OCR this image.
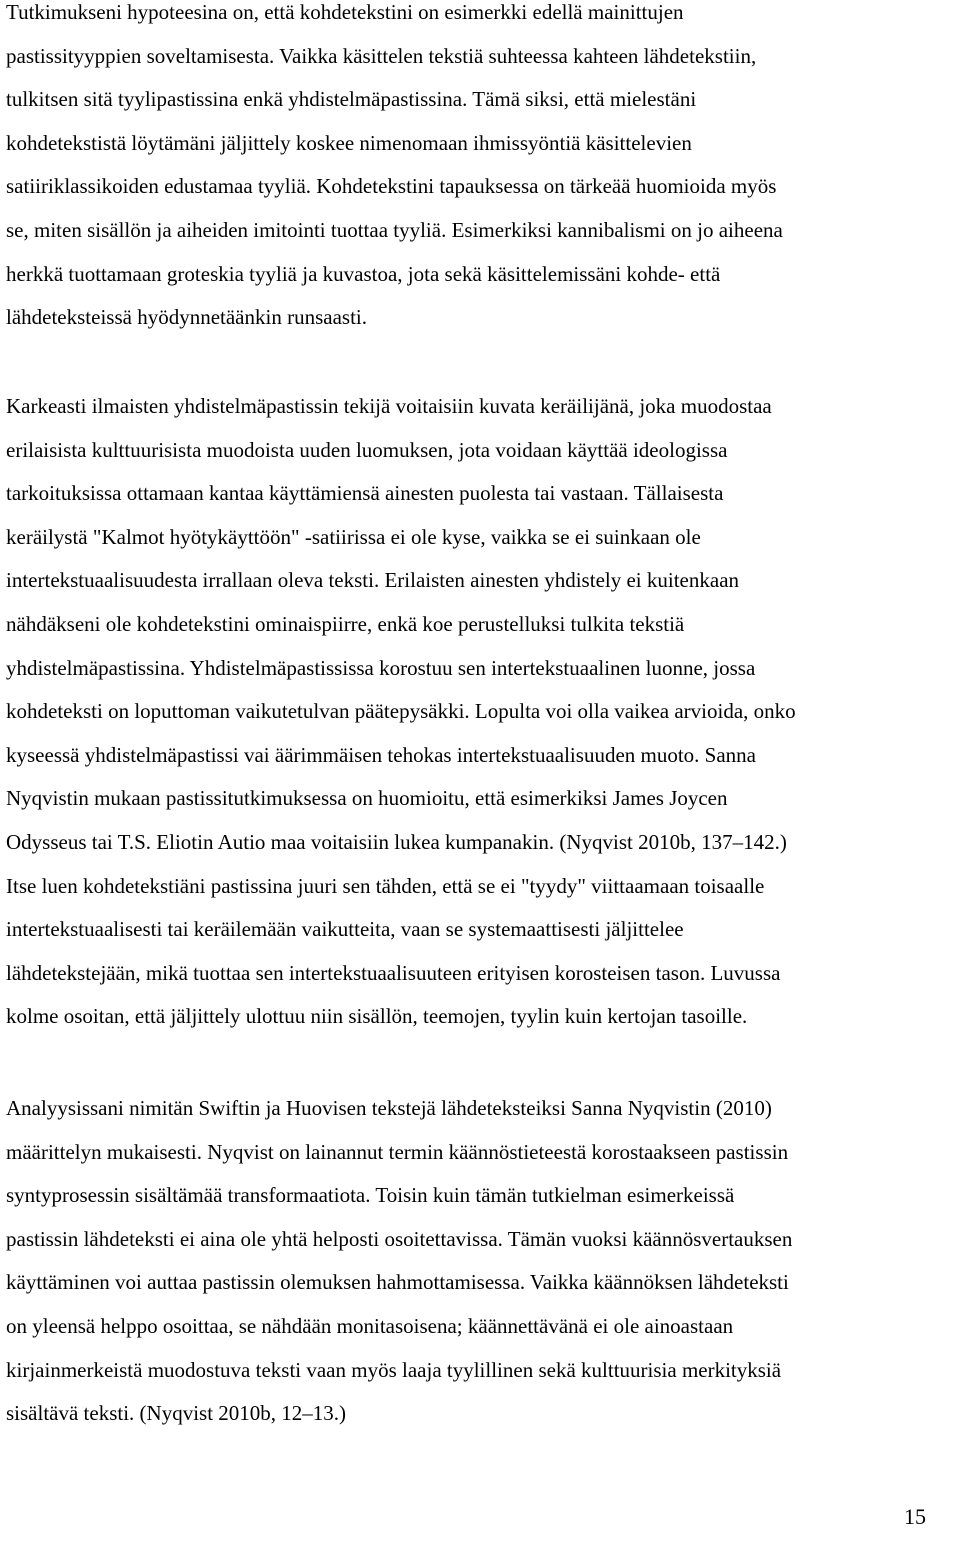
Tutkimukseni hypoteesina on, että kohdetekstini on esimerkki edellä mainittujen
pastissityyppien soveltamisesta. Vaikka käsittelen tekstiä suhteessa kahteen lähdetekstiin,
tulkitsen sitä tyylipastissina enkä yhdistelmäpastissina. Tämä siksi, että mielestäni
kohdetekstistä löytämäni jäljittely koskee nimenomaan ihmissyöntiä käsittelevien
satiiriklassikoiden edustamaa tyyliä. Kohdetekstini tapauksessa on tärkeää huomioida myös
se, miten sisällön ja aiheiden imitointi tuottaa tyyliä. Esimerkiksi kannibalismi on jo aiheena
herkkä tuottamaan groteskia tyyliä ja kuvastoa, jota sekä käsittelemissäni kohde- että
lähdeteksteissä hyödynnetäänkin runsaasti.
Karkeasti ilmaisten yhdistelmäpastissin tekijä voitaisiin kuvata keräilijänä, joka muodostaa
erilaisista kulttuurisista muodoista uuden luomuksen, jota voidaan käyttää ideologissa
tarkoituksissa ottamaan kantaa käyttämiensä ainesten puolesta tai vastaan. Tällaisesta
keräilystä "Kalmot hyötykäyttöön" -satiirissa ei ole kyse, vaikka se ei suinkaan ole
intertekstuaalisuudesta irrallaan oleva teksti. Erilaisten ainesten yhdistely ei kuitenkaan
nähdäkseni ole kohdetekstini ominaispiirre, enkä koe perustelluksi tulkita tekstiä
yhdistelmäpastissina. Yhdistelmäpastississa korostuu sen intertekstuaalinen luonne, jossa
kohdeteksti on loputtoman vaikutetulvan päätepysäkki. Lopulta voi olla vaikea arvioida, onko
kyseessä yhdistelmäpastissi vai äärimmäisen tehokas intertekstuaalisuuden muoto. Sanna
Nyqvistin mukaan pastissitutkimuksessa on huomioitu, että esimerkiksi James Joycen
Odysseus tai T.S. Eliotin Autio maa voitaisiin lukea kumpanakin. (Nyqvist 2010b, 137–142.)
Itse luen kohdetekstiäni pastissina juuri sen tähden, että se ei "tyydy" viittaamaan toisaalle
intertekstuaalisesti tai keräilemään vaikutteita, vaan se systemaattisesti jäljittelee
lähdetekstejään, mikä tuottaa sen intertekstuaalisuuteen erityisen korosteisen tason. Luvussa
kolme osoitan, että jäljittely ulottuu niin sisällön, teemojen, tyylin kuin kertojan tasoille.
Analyysissani nimitän Swiftin ja Huovisen tekstejä lähdeteksteiksi Sanna Nyqvistin (2010)
määrittelyn mukaisesti. Nyqvist on lainannut termin käännöstieteestä korostaakseen pastissin
syntyprosessin sisältämää transformaatiota. Toisin kuin tämän tutkielman esimerkeissä
pastissin lähdeteksti ei aina ole yhtä helposti osoitettavissa. Tämän vuoksi käännösvertauksen
käyttäminen voi auttaa pastissin olemuksen hahmottamisessa. Vaikka käännöksen lähdeteksti
on yleensä helppo osoittaa, se nähdään monitasoisena; käännettävänä ei ole ainoastaan
kirjainmerkeistä muodostuva teksti vaan myös laaja tyylillinen sekä kulttuurisia merkityksiä
sisältävä teksti. (Nyqvist 2010b, 12–13.)
15
